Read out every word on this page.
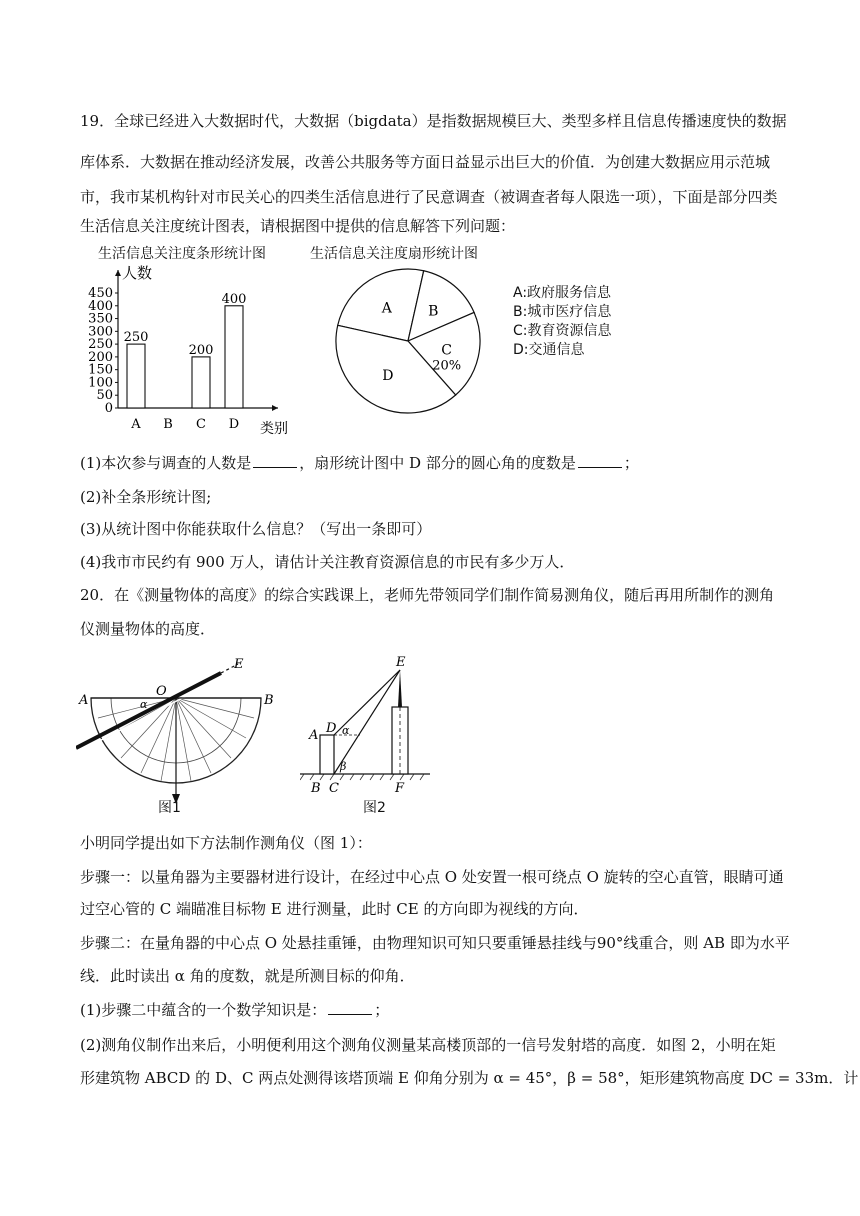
19．全球已经进入大数据时代，大数据（bigdata）是指数据规模巨大、类型多样且信息传播速度快的数据

库体系．大数据在推动经济发展，改善公共服务等方面日益显示出巨大的价值．为创建大数据应用示范城

市，我市某机构针对市民关心的四类生活信息进行了民意调查（被调查者每人限选一项），下面是部分四类

生活信息关注度统计图表，请根据图中提供的信息解答下列问题：

生活信息关注度条形统计图	生活信息关注度扇形统计图
人数
类别
0
50
100
150
200
250
300
350
400
450
A B C D
250
200
400
A	B
C
D
20%
A:政府服务信息
B:城市医疗信息
C:教育资源信息
D:交通信息

(1)本次参与调查的人数是	，扇形统计图中 D 部分的圆心角的度数是	；

(2)补全条形统计图;

(3)从统计图中你能获取什么信息？（写出一条即可）

(4)我市市民约有 900 万人，请估计关注教育资源信息的市民有多少万人．

20．在《测量物体的高度》的综合实践课上，老师先带领同学们制作简易测角仪，随后再用所制作的测角

仪测量物体的高度．

A	B
O
E
α
图1
E
A D α
β
B C	F
图2

小明同学提出如下方法制作测角仪（图 1）：

步骤一：以量角器为主要器材进行设计，在经过中心点 O 处安置一根可绕点 O 旋转的空心直管，眼睛可通

过空心管的 C 端瞄准目标物 E 进行测量，此时 CE 的方向即为视线的方向．

步骤二：在量角器的中心点 O 处悬挂重锤，由物理知识可知只要重锤悬挂线与90°线重合，则 AB 即为水平

线．此时读出 α 角的度数，就是所测目标的仰角．

(1)步骤二中蕴含的一个数学知识是：	；

(2)测角仪制作出来后，小明便利用这个测角仪测量某高楼顶部的一信号发射塔的高度．如图 2，小明在矩

形建筑物 ABCD 的 D、C 两点处测得该塔顶端 E 仰角分别为 α = 45°，β = 58°，矩形建筑物高度 DC = 33m．计
